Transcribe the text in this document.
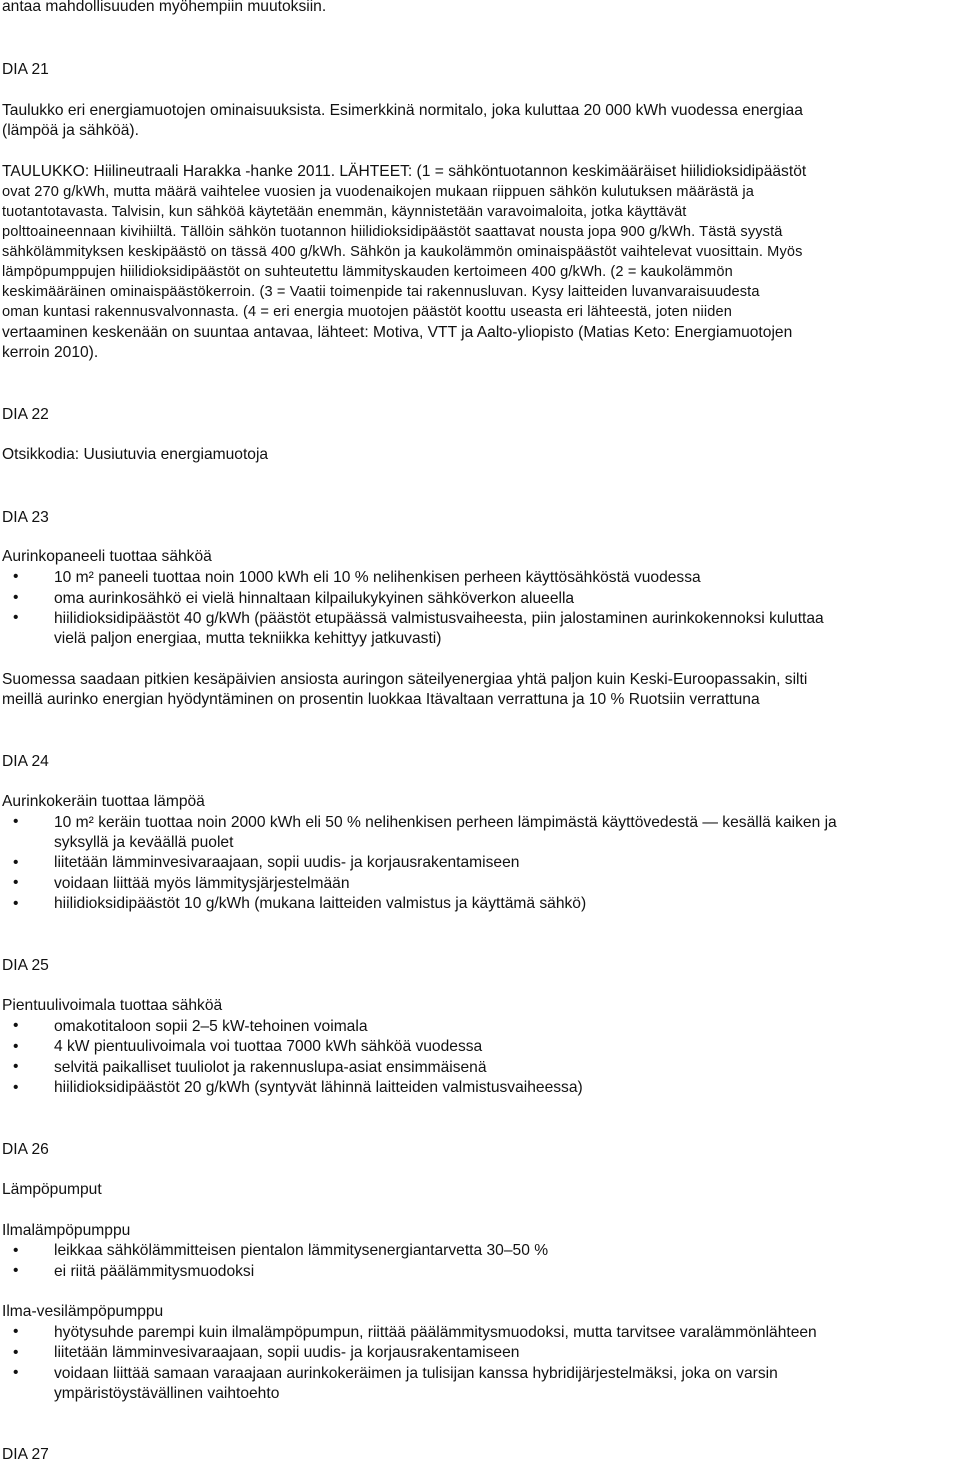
antaa mahdollisuuden myöhempiin muutoksiin.

DIA 21

Taulukko eri energiamuotojen ominaisuuksista. Esimerkkinä normitalo, joka kuluttaa 20 000 kWh vuodessa energiaa

(lämpöä ja sähköä).

TAULUKKO: Hiilineutraali Harakka -hanke 2011. LÄHTEET: (1 = sähköntuotannon keskimääräiset hiilidioksidipäästöt

ovat 270 g/kWh, mutta määrä vaihtelee vuosien ja vuodenaikojen mukaan riippuen sähkön kulutuksen määrästä ja

tuotantotavasta. Talvisin, kun sähköä käytetään enemmän, käynnistetään varavoimaloita, jotka käyttävät

polttoaineennaan kivihiiltä. Tällöin sähkön tuotannon hiilidioksidipäästöt saattavat nousta jopa 900 g/kWh. Tästä syystä

sähkölämmityksen keskipäästö on tässä 400 g/kWh. Sähkön ja kaukolämmön ominaispäästöt vaihtelevat vuosittain. Myös

lämpöpumppujen hiilidioksidipäästöt on suhteutettu lämmityskauden kertoimeen 400 g/kWh. (2 = kaukolämmön

keskimääräinen ominaispäästökerroin. (3 = Vaatii toimenpide tai rakennusluvan. Kysy laitteiden luvanvaraisuudesta

oman kuntasi rakennusvalvonnasta. (4 = eri energia muotojen päästöt koottu useasta eri lähteestä, joten niiden

vertaaminen keskenään on suuntaa antavaa, lähteet: Motiva, VTT ja Aalto-yliopisto (Matias Keto: Energiamuotojen

kerroin 2010).

DIA 22

Otsikkodia: Uusiutuvia energiamuotoja

DIA 23

Aurinkopaneeli tuottaa sähköä

• 10 m² paneeli tuottaa noin 1000 kWh eli 10 % nelihenkisen perheen käyttösähköstä vuodessa

• oma aurinkosähkö ei vielä hinnaltaan kilpailukykyinen sähköverkon alueella

• hiilidioksidipäästöt 40 g/kWh (päästöt etupäässä valmistusvaiheesta, piin jalostaminen aurinkokennoksi kuluttaa

vielä paljon energiaa, mutta tekniikka kehittyy jatkuvasti)

Suomessa saadaan pitkien kesäpäivien ansiosta auringon säteilyenergiaa yhtä paljon kuin Keski-Euroopassakin, silti

meillä aurinko energian hyödyntäminen on prosentin luokkaa Itävaltaan verrattuna ja 10 % Ruotsiin verrattuna

DIA 24

Aurinkokeräin tuottaa lämpöä

• 10 m² keräin tuottaa noin 2000 kWh eli 50 % nelihenkisen perheen lämpimästä käyttövedestä — kesällä kaiken ja

syksyllä ja keväällä puolet

• liitetään lämminvesivaraajaan, sopii uudis- ja korjausrakentamiseen

• voidaan liittää myös lämmitysjärjestelmään

• hiilidioksidipäästöt 10 g/kWh (mukana laitteiden valmistus ja käyttämä sähkö)

DIA 25

Pientuulivoimala tuottaa sähköä

• omakotitaloon sopii 2–5 kW-tehoinen voimala

• 4 kW pientuulivoimala voi tuottaa 7000 kWh sähköä vuodessa

• selvitä paikalliset tuuliolot ja rakennuslupa-asiat ensimmäisenä

• hiilidioksidipäästöt 20 g/kWh (syntyvät lähinnä laitteiden valmistusvaiheessa)

DIA 26

Lämpöpumput

Ilmalämpöpumppu

• leikkaa sähkölämmitteisen pientalon lämmitysenergiantarvetta 30–50 %

• ei riitä päälämmitysmuodoksi

Ilma-vesilämpöpumppu

• hyötysuhde parempi kuin ilmalämpöpumpun, riittää päälämmitysmuodoksi, mutta tarvitsee varalämmönlähteen

• liitetään lämminvesivaraajaan, sopii uudis- ja korjausrakentamiseen

• voidaan liittää samaan varaajaan aurinkokeräimen ja tulisijan kanssa hybridijärjestelmäksi, joka on varsin

ympäristöystävällinen vaihtoehto

DIA 27
